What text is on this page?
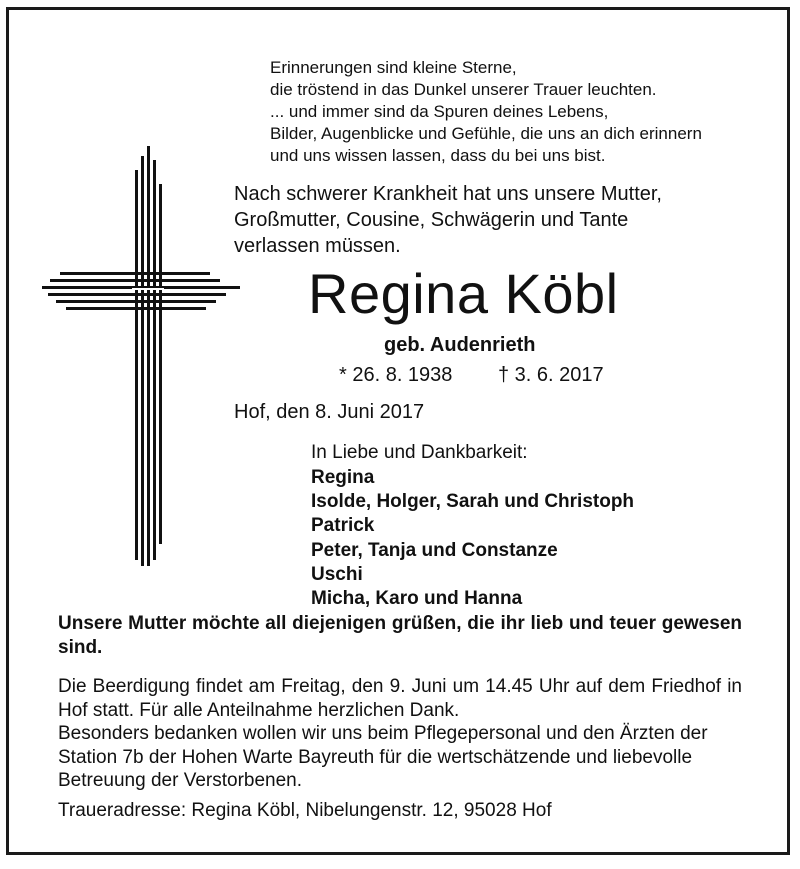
Erinnerungen sind kleine Sterne,
die tröstend in das Dunkel unserer Trauer leuchten.
... und immer sind da Spuren deines Lebens,
Bilder, Augenblicke und Gefühle, die uns an dich erinnern
und uns wissen lassen, dass du bei uns bist.
Nach schwerer Krankheit hat uns unsere Mutter,
Großmutter, Cousine, Schwägerin und Tante
verlassen müssen.
Regina Köbl
geb. Audenrieth
* 26. 8. 1938 † 3. 6. 2017
Hof, den 8. Juni 2017
In Liebe und Dankbarkeit:
Regina
Isolde, Holger, Sarah und Christoph
Patrick
Peter, Tanja und Constanze
Uschi
Micha, Karo und Hanna
Unsere Mutter möchte all diejenigen grüßen, die ihr lieb und teuer gewesen sind.
Die Beerdigung findet am Freitag, den 9. Juni um 14.45 Uhr auf dem Friedhof in Hof statt. Für alle Anteilnahme herzlichen Dank.
Besonders bedanken wollen wir uns beim Pflegepersonal und den Ärzten der Station 7b der Hohen Warte Bayreuth für die wertschätzende und liebevolle Betreuung der Verstorbenen.
Traueradresse: Regina Köbl, Nibelungenstr. 12, 95028 Hof
